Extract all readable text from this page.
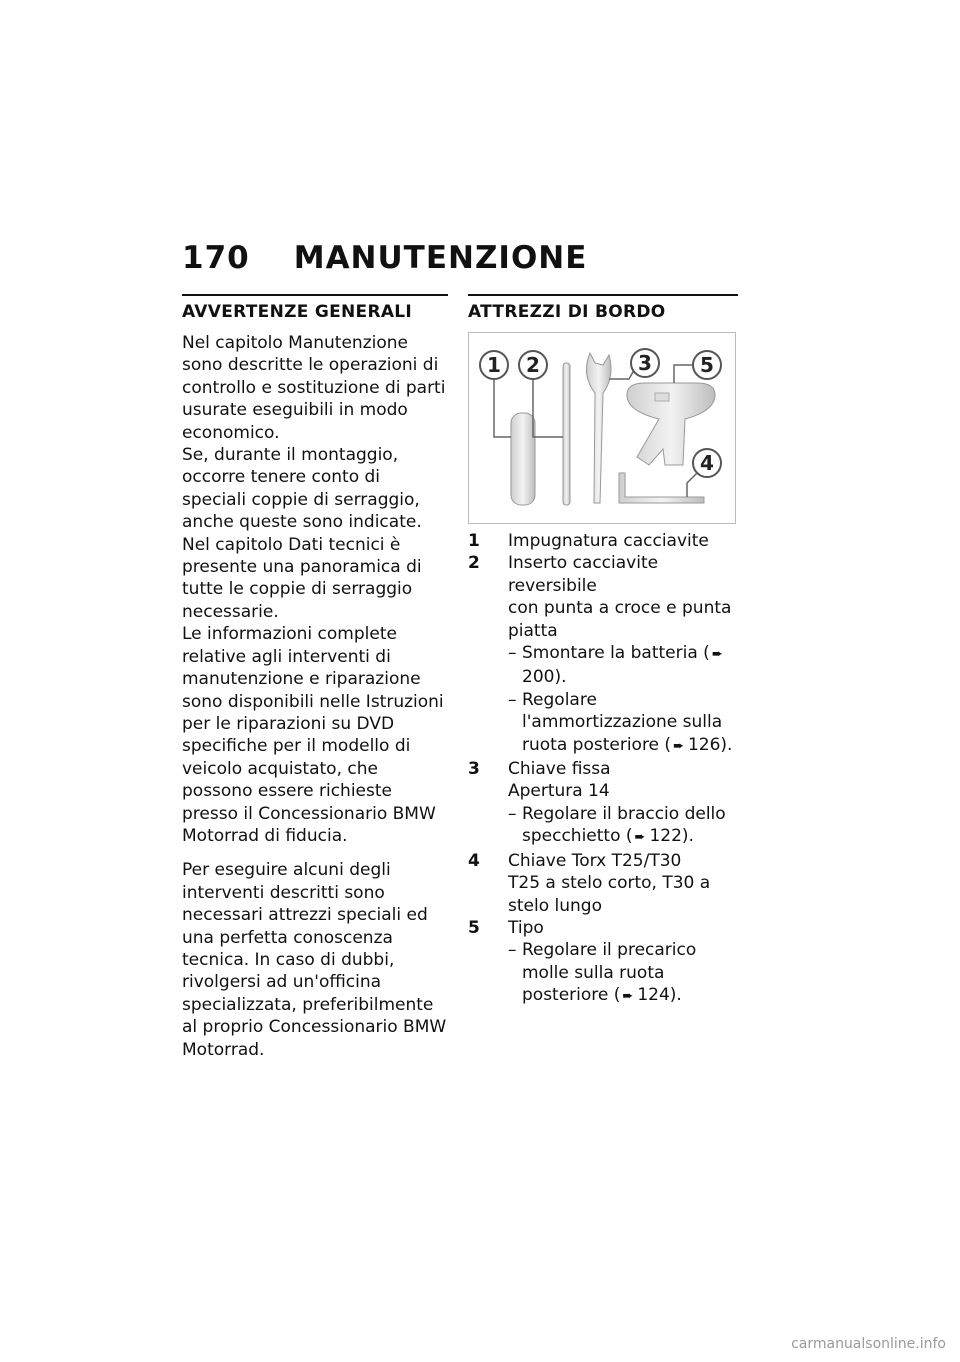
170 MANUTENZIONE
AVVERTENZE GENERALI

Nel capitolo Manutenzione sono descritte le operazioni di controllo e sostituzione di parti usurate eseguibili in modo economico.

Se, durante il montaggio, occorre tenere conto di speciali coppie di serraggio, anche queste sono indicate. Nel capitolo Dati tecnici è presente una panoramica di tutte le coppie di serraggio necessarie.

Le informazioni complete relative agli interventi di manutenzione e riparazione sono disponibili nelle Istruzioni per le riparazioni su DVD specifiche per il modello di veicolo acquistato, che possono essere richieste presso il Concessionario BMW Motorrad di fiducia.

Per eseguire alcuni degli interventi descritti sono necessari attrezzi speciali ed una perfetta conoscenza tecnica. In caso di dubbi, rivolgersi ad un'officina specializzata, preferibilmente al proprio Concessionario BMW Motorrad.

ATTREZZI DI BORDO
1 2	3
4
5
1	Impugnatura cacciavite
2	Inserto cacciavite reversibile
con punta a croce e punta piatta
– Smontare la batteria ( ➨200).
– Regolare l'ammortizzazione sulla ruota posteriore ( ➨ 126).
3	Chiave fissa
Apertura 14
– Regolare il braccio dello specchietto ( ➨ 122).
4	Chiave Torx T25/T30
T25 a stelo corto, T30 a stelo lungo
5	Tipo
– Regolare il precarico molle sulla ruota posteriore ( ➨ 124).
carmanualsonline.info
